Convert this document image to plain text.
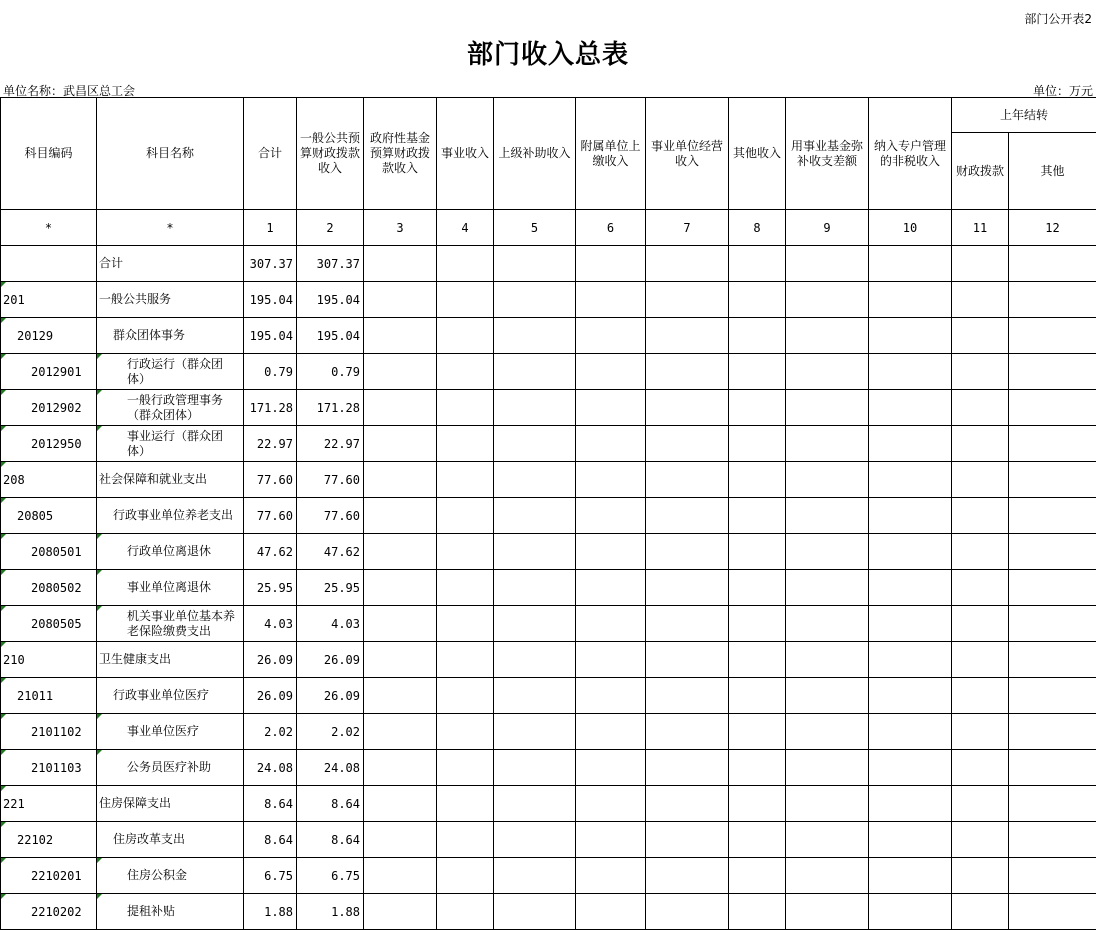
部门公开表2
部门收入总表
单位名称：武昌区总工会	单位：万元
科目编码	科目名称	合计	一般公共预算财政拨款收入	政府性基金预算财政拨款收入	事业收入	上级补助收入	附属单位上缴收入	事业单位经营收入	其他收入	用事业基金弥补收支差额	纳入专户管理的非税收入	上年结转	
												财政拨款	其他
*	*	1	2	3	4	5	6	7	8	9	10	11	12
	合计	307.37	307.37										
201	一般公共服务	195.04	195.04										
20129	群众团体事务	195.04	195.04										
2012901	行政运行（群众团体）	0.79	0.79										
2012902	一般行政管理事务（群众团体）	171.28	171.28										
2012950	事业运行（群众团体）	22.97	22.97										
208	社会保障和就业支出	77.60	77.60										
20805	行政事业单位养老支出	77.60	77.60										
2080501	行政单位离退休	47.62	47.62										
2080502	事业单位离退休	25.95	25.95										
2080505	机关事业单位基本养老保险缴费支出	4.03	4.03										
210	卫生健康支出	26.09	26.09										
21011	行政事业单位医疗	26.09	26.09										
2101102	事业单位医疗	2.02	2.02										
2101103	公务员医疗补助	24.08	24.08										
221	住房保障支出	8.64	8.64										
22102	住房改革支出	8.64	8.64										
2210201	住房公积金	6.75	6.75										
2210202	提租补贴	1.88	1.88										
